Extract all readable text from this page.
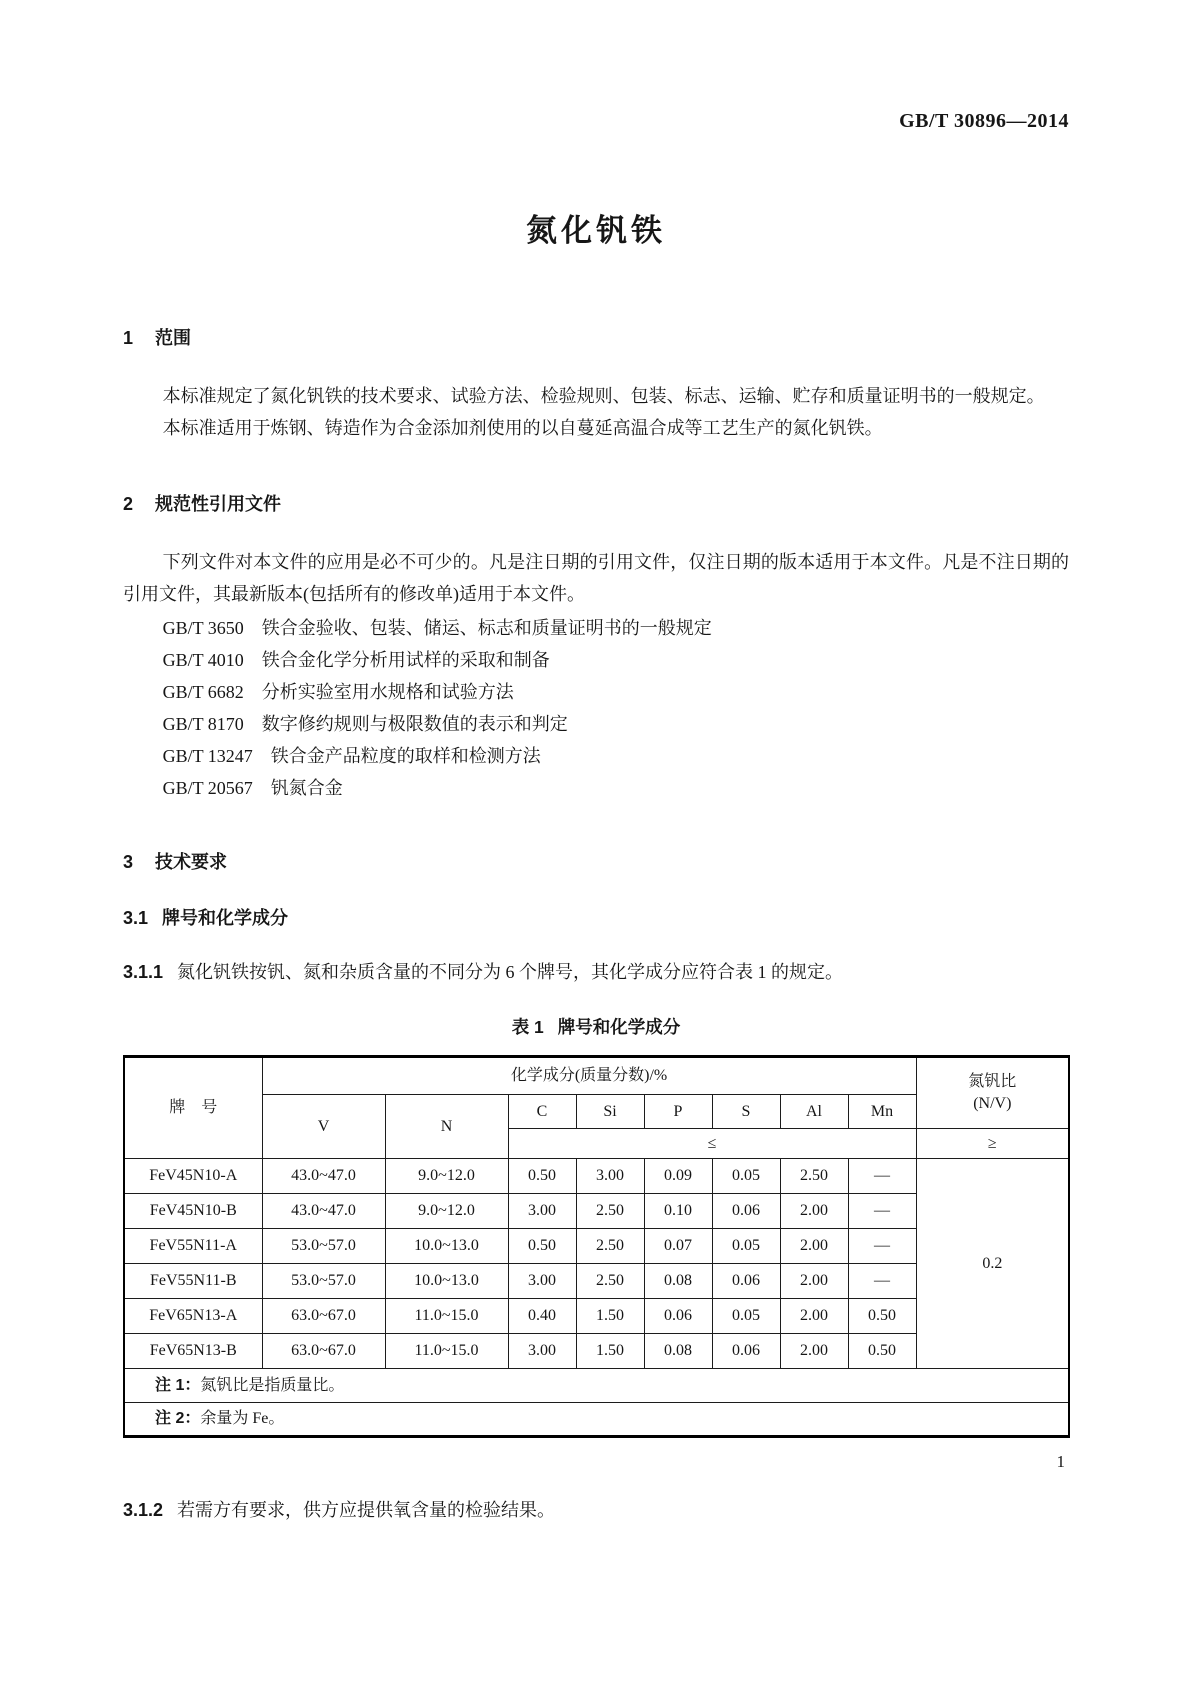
GB/T 30896—2014
氮化钒铁
1 范围

本标准规定了氮化钒铁的技术要求、试验方法、检验规则、包装、标志、运输、贮存和质量证明书的一般规定。

本标准适用于炼钢、铸造作为合金添加剂使用的以自蔓延高温合成等工艺生产的氮化钒铁。

2 规范性引用文件

下列文件对本文件的应用是必不可少的。凡是注日期的引用文件，仅注日期的版本适用于本文件。凡是不注日期的引用文件，其最新版本(包括所有的修改单)适用于本文件。

GB/T 3650 铁合金验收、包装、储运、标志和质量证明书的一般规定
GB/T 4010 铁合金化学分析用试样的采取和制备
GB/T 6682 分析实验室用水规格和试验方法
GB/T 8170 数字修约规则与极限数值的表示和判定
GB/T 13247 铁合金产品粒度的取样和检测方法
GB/T 20567 钒氮合金
3 技术要求
3.1 牌号和化学成分

3.1.1 氮化钒铁按钒、氮和杂质含量的不同分为 6 个牌号，其化学成分应符合表 1 的规定。

表 1 牌号和化学成分
牌　号	化学成分(质量分数)/%								氮钒比
(N/V)

	V	N	C	Si	P	S	Al	Mn	
			≤						≥
FeV45N10-A	43.0~47.0	9.0~12.0	0.50	3.00	0.09	0.05	2.50	—	0.2
FeV45N10-B	43.0~47.0	9.0~12.0	3.00	2.50	0.10	0.06	2.00	—	
FeV55N11-A	53.0~57.0	10.0~13.0	0.50	2.50	0.07	0.05	2.00	—	
FeV55N11-B	53.0~57.0	10.0~13.0	3.00	2.50	0.08	0.06	2.00	—	
FeV65N13-A	63.0~67.0	11.0~15.0	0.40	1.50	0.06	0.05	2.00	0.50	
FeV65N13-B	63.0~67.0	11.0~15.0	3.00	1.50	0.08	0.06	2.00	0.50	
注 1：氮钒比是指质量比。									
注 2：余量为 Fe。									

3.1.2 若需方有要求，供方应提供氧含量的检验结果。

1
